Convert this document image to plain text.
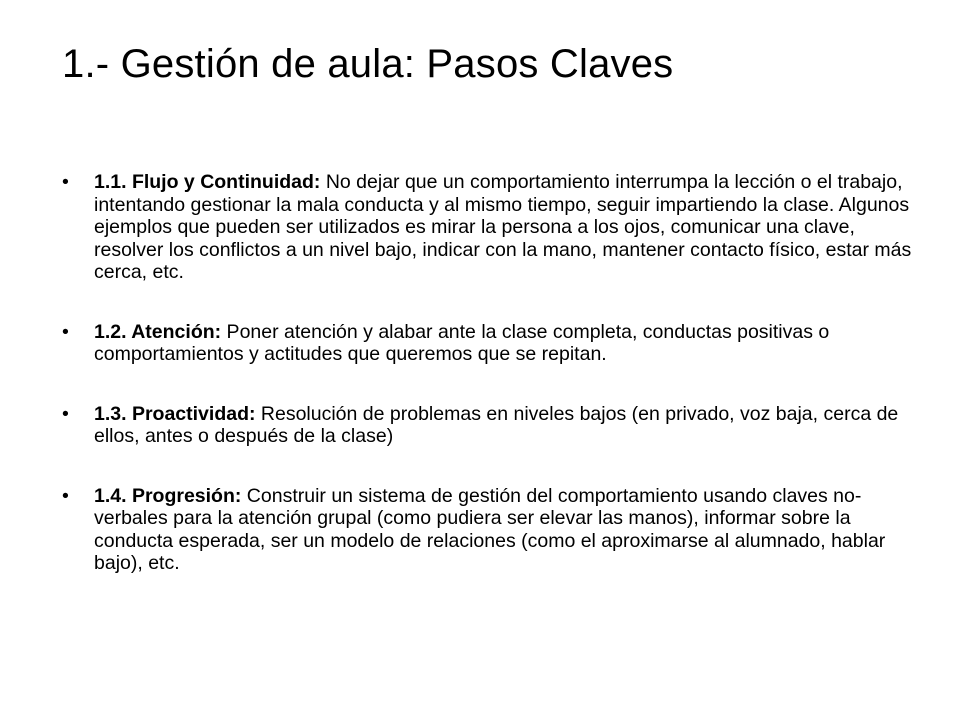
1.- Gestión de aula: Pasos Claves
• 1.1. Flujo y Continuidad: No dejar que un comportamiento interrumpa la lección o el trabajo, intentando gestionar la mala conducta y al mismo tiempo, seguir impartiendo la clase. Algunos ejemplos que pueden ser utilizados es mirar la persona a los ojos, comunicar una clave, resolver los conflictos a un nivel bajo, indicar con la mano, mantener contacto físico, estar más cerca, etc.
• 1.2. Atención: Poner atención y alabar ante la clase completa, conductas positivas o comportamientos y actitudes que queremos que se repitan.
• 1.3. Proactividad: Resolución de problemas en niveles bajos (en privado, voz baja, cerca de ellos, antes o después de la clase)
• 1.4. Progresión: Construir un sistema de gestión del comportamiento usando claves no-verbales para la atención grupal (como pudiera ser elevar las manos), informar sobre la conducta esperada, ser un modelo de relaciones (como el aproximarse al alumnado, hablar bajo), etc.
